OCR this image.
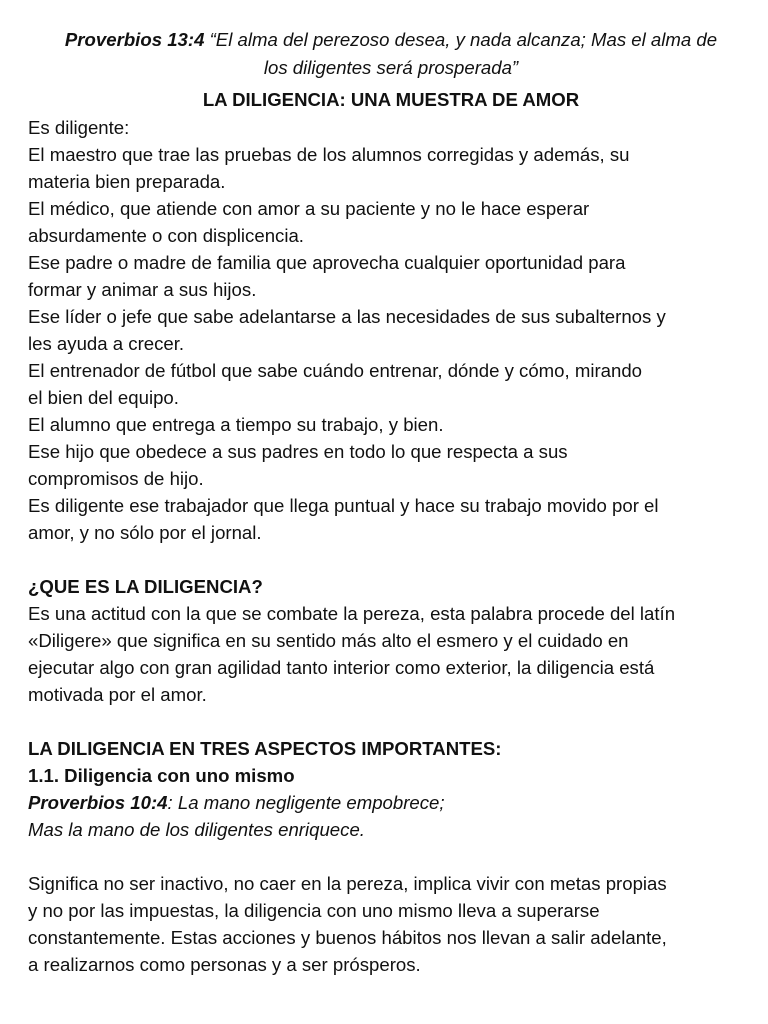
Proverbios 13:4 “El alma del perezoso desea, y nada alcanza; Mas el alma de
los diligentes será prosperada”

LA DILIGENCIA: UNA MUESTRA DE AMOR

Es diligente:

El maestro que trae las pruebas de los alumnos corregidas y además, su

materia bien preparada.

El médico, que atiende con amor a su paciente y no le hace esperar

absurdamente o con displicencia.

Ese padre o madre de familia que aprovecha cualquier oportunidad para

formar y animar a sus hijos.

Ese líder o jefe que sabe adelantarse a las necesidades de sus subalternos y

les ayuda a crecer.

El entrenador de fútbol que sabe cuándo entrenar, dónde y cómo, mirando

el bien del equipo.

El alumno que entrega a tiempo su trabajo, y bien.

Ese hijo que obedece a sus padres en todo lo que respecta a sus

compromisos de hijo.

Es diligente ese trabajador que llega puntual y hace su trabajo movido por el

amor, y no sólo por el jornal.

¿QUE ES LA DILIGENCIA?

Es una actitud con la que se combate la pereza, esta palabra procede del latín

«Diligere» que significa en su sentido más alto el esmero y el cuidado en

ejecutar algo con gran agilidad tanto interior como exterior, la diligencia está

motivada por el amor.

LA DILIGENCIA EN TRES ASPECTOS IMPORTANTES:

1.1. Diligencia con uno mismo

Proverbios 10:4: La mano negligente empobrece;

Mas la mano de los diligentes enriquece.

Significa no ser inactivo, no caer en la pereza, implica vivir con metas propias

y no por las impuestas, la diligencia con uno mismo lleva a superarse

constantemente. Estas acciones y buenos hábitos nos llevan a salir adelante,

a realizarnos como personas y a ser prósperos.
